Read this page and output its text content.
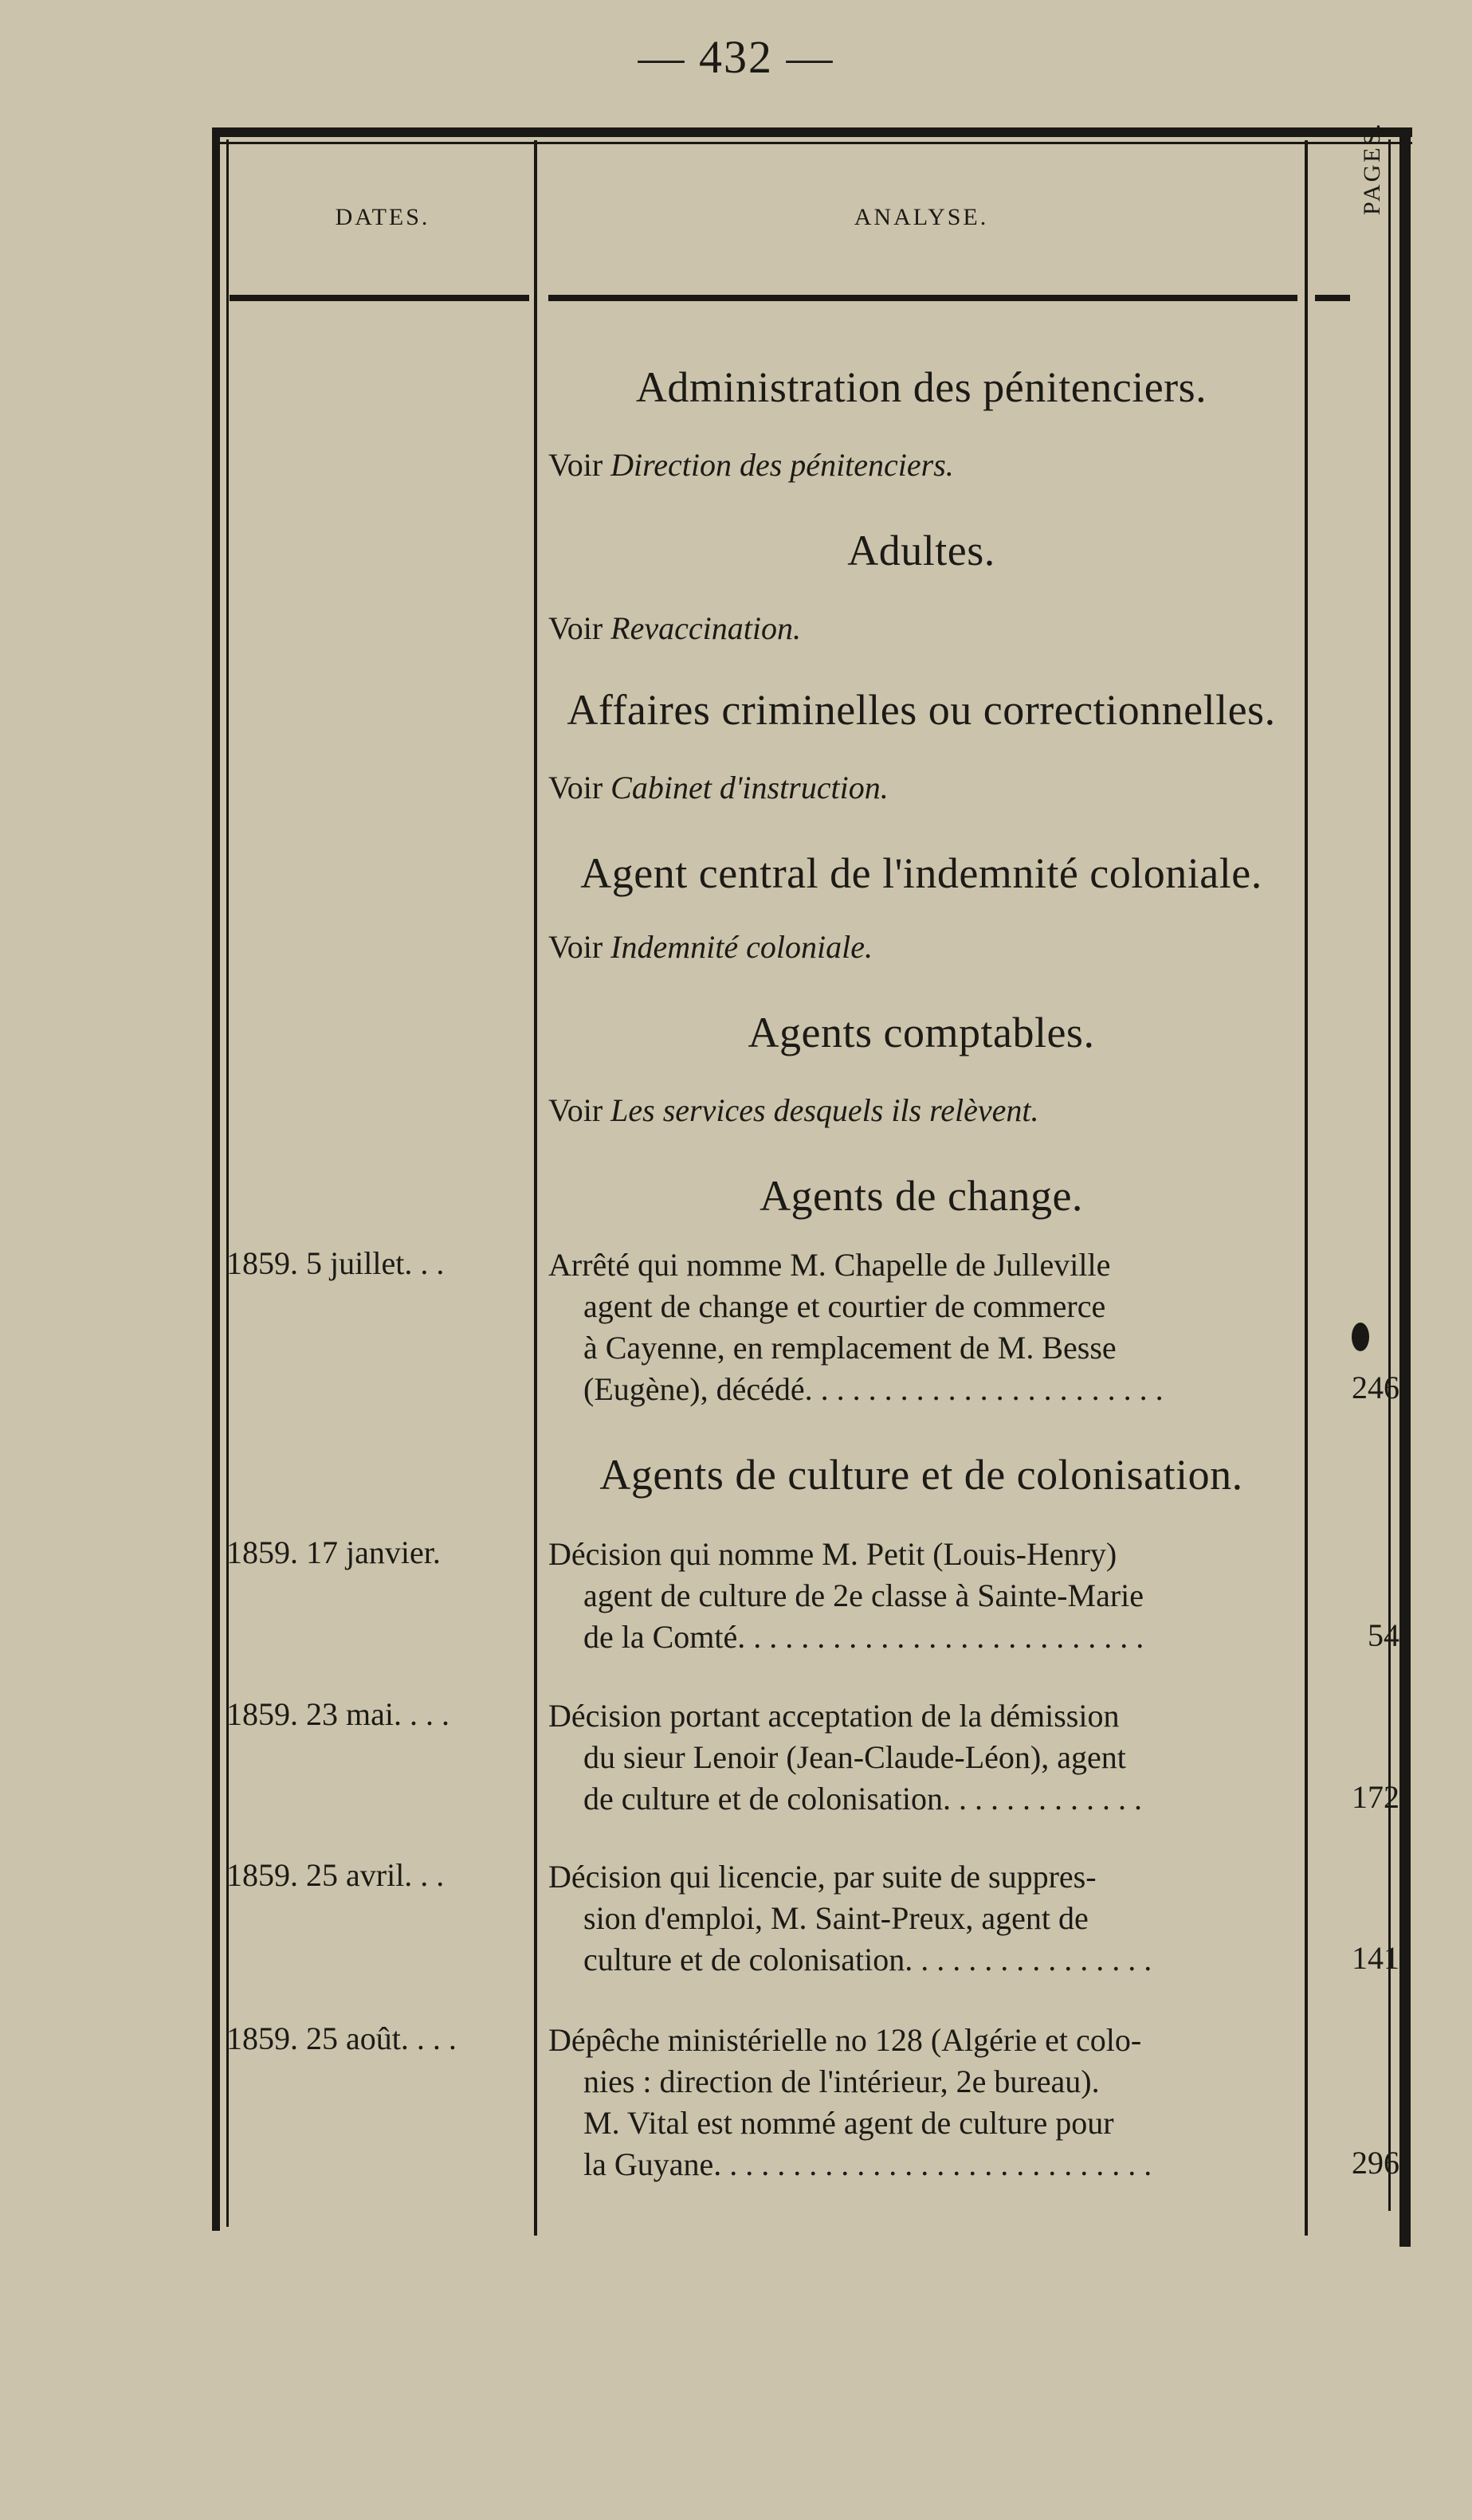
— 432 —
DATES.	ANALYSE.
PAGES.
Administration des pénitenciers.
Voir Direction des pénitenciers.
Adultes.
Voir Revaccination.
Affaires criminelles ou correctionnelles.
Voir Cabinet d'instruction.
Agent central de l'indemnité coloniale.
Voir Indemnité coloniale.
Agents comptables.
Voir Les services desquels ils relèvent.
Agents de change.
1859. 5 juillet. . .	Arrêté qui nomme M. Chapelle de Julleville
agent de change et courtier de commerce
à Cayenne, en remplacement de M. Besse
(Eugène), décédé. . . . . . . . . . . . . . . . . . . . . . .	246
Agents de culture et de colonisation.
1859. 17 janvier.	Décision qui nomme M. Petit (Louis-Henry)
agent de culture de 2e classe à Sainte-Marie
de la Comté. . . . . . . . . . . . . . . . . . . . . . . . . .	54
1859. 23 mai. . . .	Décision portant acceptation de la démission
du sieur Lenoir (Jean-Claude-Léon), agent
de culture et de colonisation. . . . . . . . . . . . .	172
1859. 25 avril. . .	Décision qui licencie, par suite de suppres-
sion d'emploi, M. Saint-Preux, agent de
culture et de colonisation. . . . . . . . . . . . . . . .	141
1859. 25 août. . . .	Dépêche ministérielle no 128 (Algérie et colo-
nies : direction de l'intérieur, 2e bureau).
M. Vital est nommé agent de culture pour
la Guyane. . . . . . . . . . . . . . . . . . . . . . . . . . . .	296
